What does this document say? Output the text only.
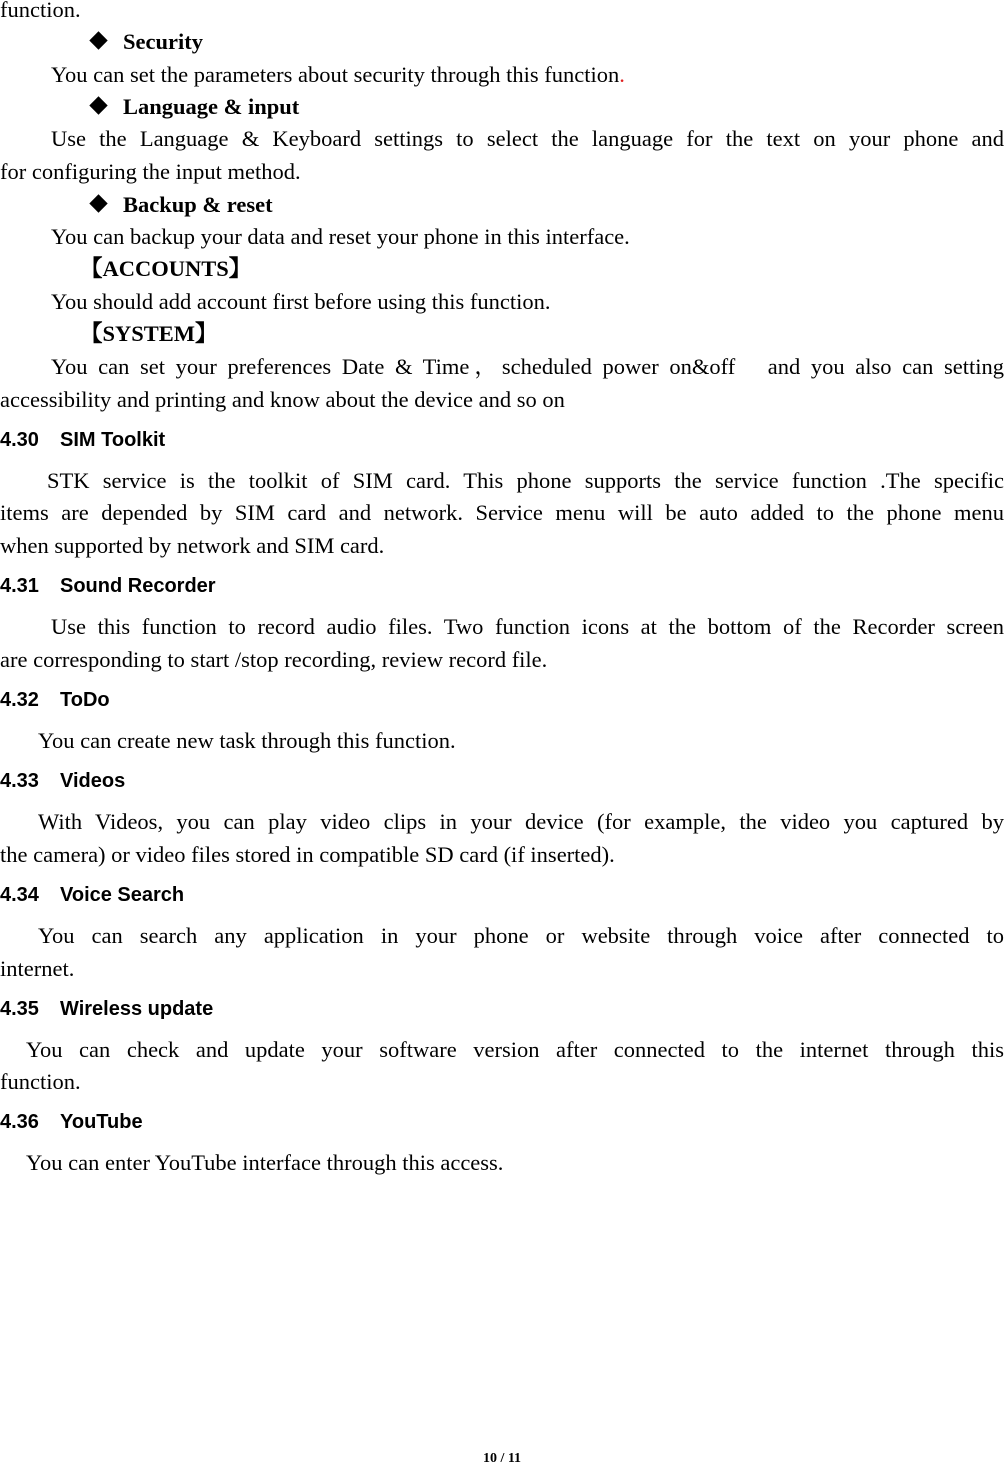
function.
Security
You can set the parameters about security through this function.
Language & input
Use the Language & Keyboard settings to select the language for the text on your phone and
for configuring the input method.
Backup & reset
You can backup your data and reset your phone in this interface.
【ACCOUNTS】
You should add account first before using this function.
【SYSTEM】
You can set your preferences Date & Time，scheduled power on&off　and you also can setting
accessibility and printing and know about the device and so on
4.30 SIM Toolkit
STK service is the toolkit of SIM card. This phone supports the service function .The specific
items are depended by SIM card and network. Service menu will be auto added to the phone menu
when supported by network and SIM card.
4.31 Sound Recorder
Use this function to record audio files. Two function icons at the bottom of the Recorder screen
are corresponding to start /stop recording, review record file.
4.32 ToDo
You can create new task through this function.
4.33 Videos
With Videos, you can play video clips in your device (for example, the video you captured by
the camera) or video files stored in compatible SD card (if inserted).
4.34 Voice Search
You can search any application in your phone or website through voice after connected to
internet.
4.35 Wireless update
You can check and update your software version after connected to the internet through this
function.
4.36 YouTube
You can enter YouTube interface through this access.
10 / 11
